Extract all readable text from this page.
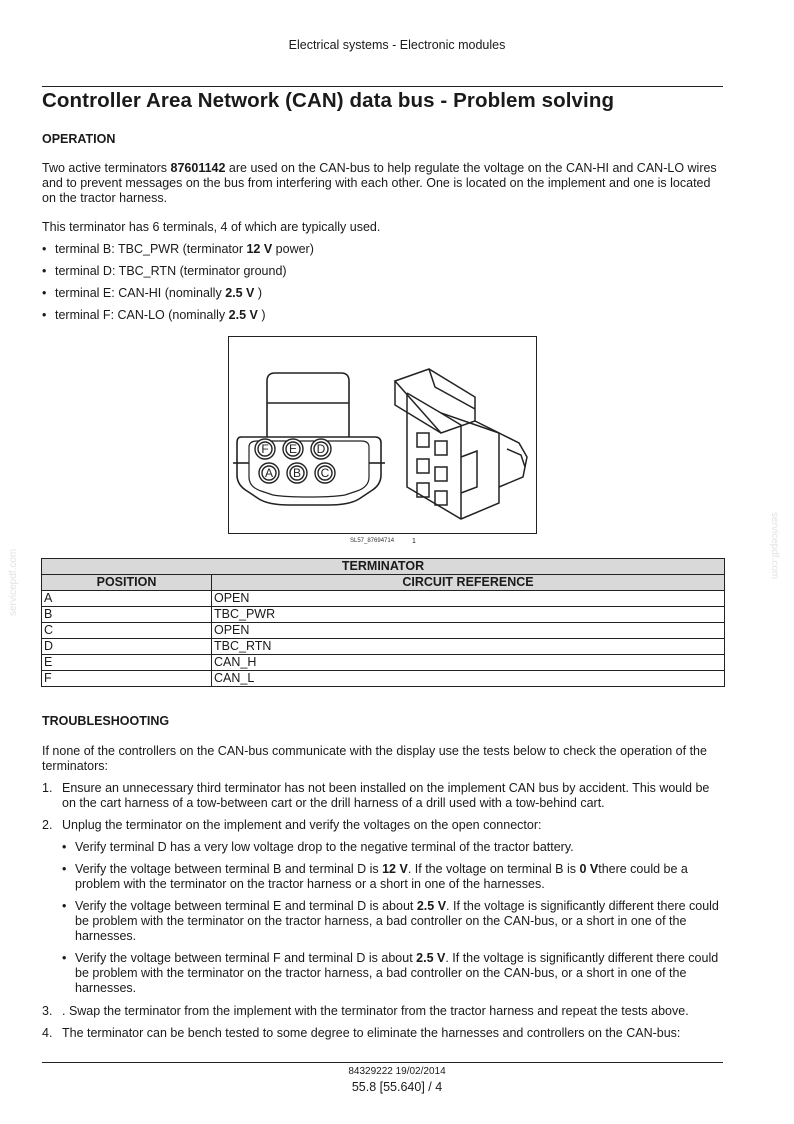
Electrical systems - Electronic modules
Controller Area Network (CAN) data bus - Problem solving
OPERATION

Two active terminators 87601142 are used on the CAN-bus to help regulate the voltage on the CAN-HI and CAN-LO wires and to prevent messages on the bus from interfering with each other. One is located on the implement and one is located on the tractor harness.

This terminator has 6 terminals, 4 of which are typically used.

• terminal B: TBC_PWR (terminator 12 V power)
• terminal D: TBC_RTN (terminator ground)
• terminal E: CAN-HI (nominally 2.5 V )
• terminal F: CAN-LO (nominally 2.5 V )
F E D
A B C
SL57_87694714	1
TERMINATOR	
POSITION	CIRCUIT REFERENCE
A	OPEN
B	TBC_PWR
C	OPEN
D	TBC_RTN
E	CAN_H
F	CAN_L
TROUBLESHOOTING

If none of the controllers on the CAN-bus communicate with the display use the tests below to check the operation of the terminators:

1. Ensure an unnecessary third terminator has not been installed on the implement CAN bus by accident. This would be on the cart harness of a tow-between cart or the drill harness of a drill used with a tow-behind cart.
2. Unplug the terminator on the implement and verify the voltages on the open connector:
• Verify terminal D has a very low voltage drop to the negative terminal of the tractor battery.
• Verify the voltage between terminal B and terminal D is 12 V. If the voltage on terminal B is 0 Vthere could be a problem with the terminator on the tractor harness or a short in one of the harnesses.
• Verify the voltage between terminal E and terminal D is about 2.5 V. If the voltage is significantly different there could be problem with the terminator on the tractor harness, a bad controller on the CAN-bus, or a short in one of the harnesses.
• Verify the voltage between terminal F and terminal D is about 2.5 V. If the voltage is significantly different there could be problem with the terminator on the tractor harness, a bad controller on the CAN-bus, or a short in one of the harnesses.
3. . Swap the terminator from the implement with the terminator from the tractor harness and repeat the tests above.
4. The terminator can be bench tested to some degree to eliminate the harnesses and controllers on the CAN-bus:
84329222 19/02/2014
55.8 [55.640] / 4
servicepdf.com
servicepdf.com
